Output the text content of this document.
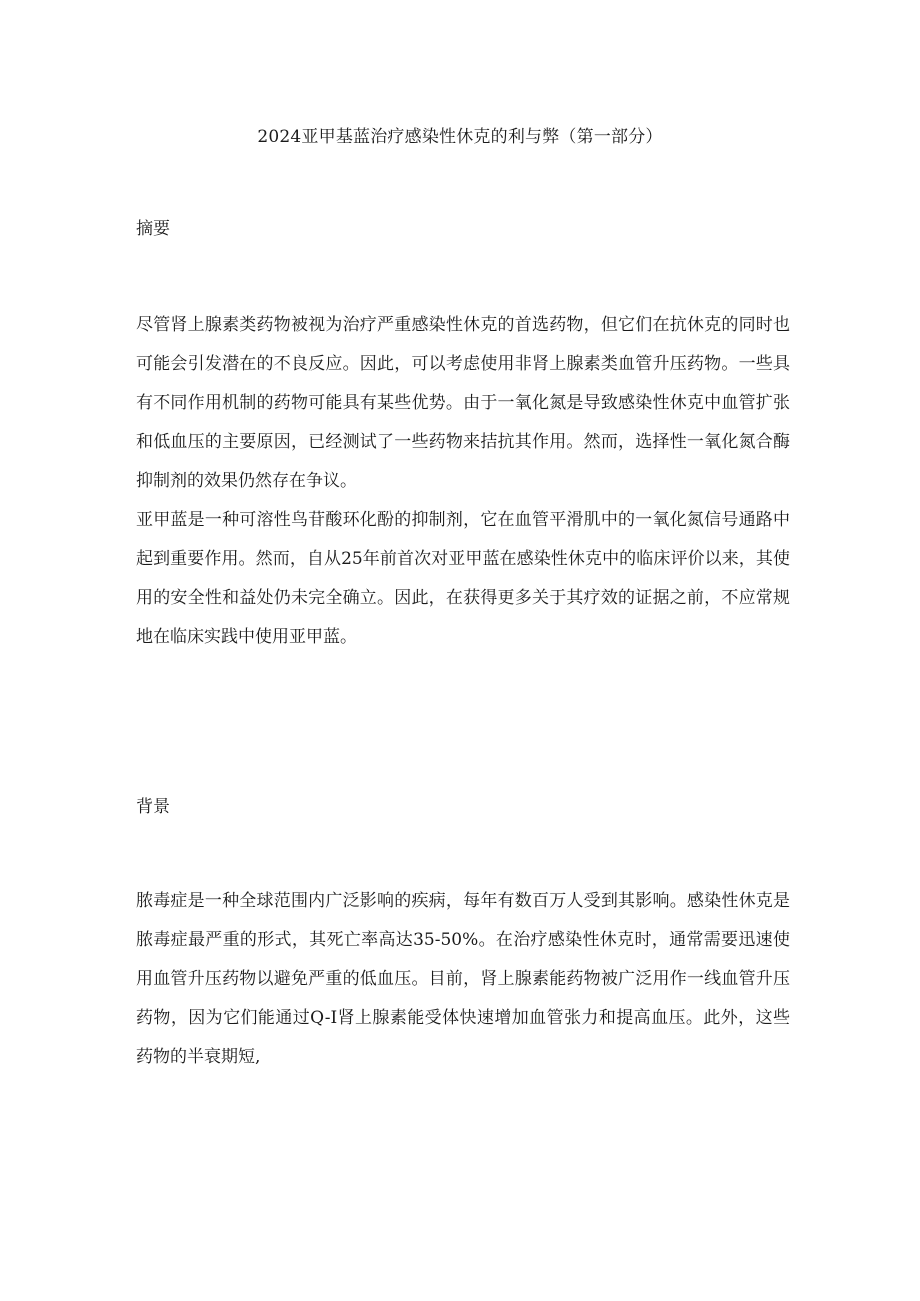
2024亚甲基蓝治疗感染性休克的利与弊（第一部分）
摘要

尽管肾上腺素类药物被视为治疗严重感染性休克的首选药物，但它们在抗休克的同时也可能会引发潜在的不良反应。因此，可以考虑使用非肾上腺素类血管升压药物。一些具有不同作用机制的药物可能具有某些优势。由于一氧化氮是导致感染性休克中血管扩张和低血压的主要原因，已经测试了一些药物来拮抗其作用。然而，选择性一氧化氮合酶抑制剂的效果仍然存在争议。

亚甲蓝是一种可溶性鸟苷酸环化酚的抑制剂，它在血管平滑肌中的一氧化氮信号通路中起到重要作用。然而，自从25年前首次对亚甲蓝在感染性休克中的临床评价以来，其使用的安全性和益处仍未完全确立。因此，在获得更多关于其疗效的证据之前，不应常规地在临床实践中使用亚甲蓝。

背景

脓毒症是一种全球范围内广泛影响的疾病，每年有数百万人受到其影响。感染性休克是脓毒症最严重的形式，其死亡率高达35-50%。在治疗感染性休克时，通常需要迅速使用血管升压药物以避免严重的低血压。目前，肾上腺素能药物被广泛用作一线血管升压药物，因为它们能通过Q-I肾上腺素能受体快速增加血管张力和提高血压。此外，这些药物的半衰期短,
